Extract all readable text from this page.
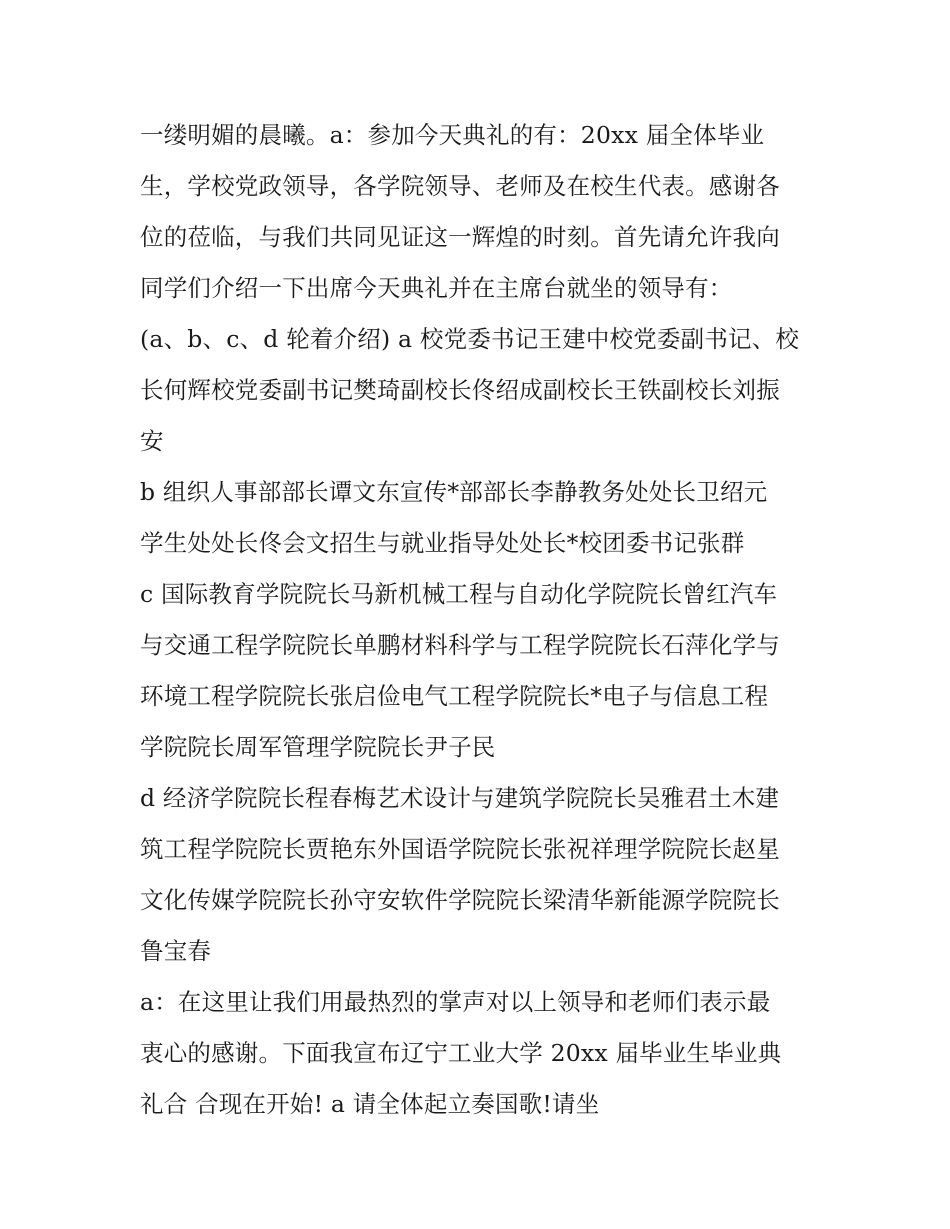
一缕明媚的晨曦。a：参加今天典礼的有：20xx 届全体毕业
生，学校党政领导，各学院领导、老师及在校生代表。感谢各
位的莅临，与我们共同见证这一辉煌的时刻。首先请允许我向
同学们介绍一下出席今天典礼并在主席台就坐的领导有：
(a、b、c、d 轮着介绍) a 校党委书记王建中校党委副书记、校
长何辉校党委副书记樊琦副校长佟绍成副校长王铁副校长刘振
安
b 组织人事部部长谭文东宣传*部部长李静教务处处长卫绍元
学生处处长佟会文招生与就业指导处处长*校团委书记张群
c 国际教育学院院长马新机械工程与自动化学院院长曾红汽车
与交通工程学院院长单鹏材料科学与工程学院院长石萍化学与
环境工程学院院长张启俭电气工程学院院长*电子与信息工程
学院院长周军管理学院院长尹子民
d 经济学院院长程春梅艺术设计与建筑学院院长吴雅君土木建
筑工程学院院长贾艳东外国语学院院长张祝祥理学院院长赵星
文化传媒学院院长孙守安软件学院院长梁清华新能源学院院长
鲁宝春
a：在这里让我们用最热烈的掌声对以上领导和老师们表示最
衷心的感谢。下面我宣布辽宁工业大学 20xx 届毕业生毕业典
礼合 合现在开始! a 请全体起立奏国歌!请坐
